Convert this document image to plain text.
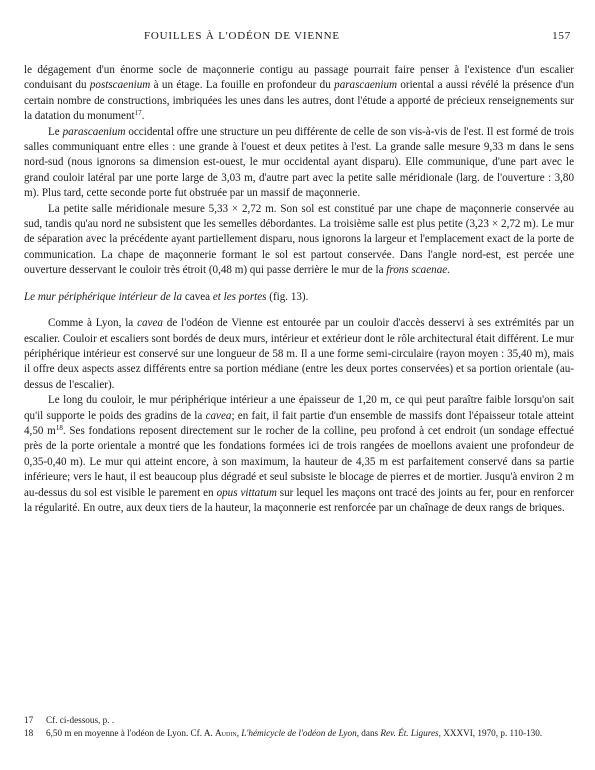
FOUILLES À L'ODÉON DE VIENNE	157

le dégagement d'un énorme socle de maçonnerie contigu au passage pourrait faire penser à l'existence d'un escalier conduisant du postscaenium à un étage. La fouille en profondeur du parascaenium oriental a aussi révélé la présence d'un certain nombre de constructions, imbriquées les unes dans les autres, dont l'étude a apporté de précieux renseignements sur la datation du monument$^{17}$.

Le parascaenium occidental offre une structure un peu différente de celle de son vis-à-vis de l'est. Il est formé de trois salles communiquant entre elles : une grande à l'ouest et deux petites à l'est. La grande salle mesure 9,33 m dans le sens nord-sud (nous ignorons sa dimension est-ouest, le mur occidental ayant disparu). Elle communique, d'une part avec le grand couloir latéral par une porte large de 3,03 m, d'autre part avec la petite salle méridionale (larg. de l'ouverture : 3,80 m). Plus tard, cette seconde porte fut obstruée par un massif de maçonnerie.

La petite salle méridionale mesure 5,33 × 2,72 m. Son sol est constitué par une chape de maçonnerie conservée au sud, tandis qu'au nord ne subsistent que les semelles débordantes. La troisième salle est plus petite (3,23 × 2,72 m). Le mur de séparation avec la précédente ayant partiellement disparu, nous ignorons la largeur et l'emplacement exact de la porte de communication. La chape de maçonnerie formant le sol est partout conservée. Dans l'angle nord-est, est percée une ouverture desservant le couloir très étroit (0,48 m) qui passe derrière le mur de la frons scaenae.

Le mur périphérique intérieur de la cavea et les portes (fig. 13).

Comme à Lyon, la cavea de l'odéon de Vienne est entourée par un couloir d'accès desservi à ses extrémités par un escalier. Couloir et escaliers sont bordés de deux murs, intérieur et extérieur dont le rôle architectural était différent. Le mur périphérique intérieur est conservé sur une longueur de 58 m. Il a une forme semi-circulaire (rayon moyen : 35,40 m), mais il offre deux aspects assez différents entre sa portion médiane (entre les deux portes conservées) et sa portion orientale (au-dessus de l'escalier).

Le long du couloir, le mur périphérique intérieur a une épaisseur de 1,20 m, ce qui peut paraître faible lorsqu'on sait qu'il supporte le poids des gradins de la cavea; en fait, il fait partie d'un ensemble de massifs dont l'épaisseur totale atteint 4,50 $m^{18}$. Ses fondations reposent directement sur le rocher de la colline, peu profond à cet endroit (un sondage effectué près de la porte orientale a montré que les fondations formées ici de trois rangées de moellons avaient une profondeur de 0,35-0,40 m). Le mur qui atteint encore, à son maximum, la hauteur de 4,35 m est parfaitement conservé dans sa partie inférieure; vers le haut, il est beaucoup plus dégradé et seul subsiste le blocage de pierres et de mortier. Jusqu'à environ 2 m au-dessus du sol est visible le parement en opus vittatum sur lequel les maçons ont tracé des joints au fer, pour en renforcer la régularité. En outre, aux deux tiers de la hauteur, la maçonnerie est renforcée par un chaînage de deux rangs de briques.

17 Cf. ci-dessous, p. .
18 6,50 m en moyenne à l'odéon de Lyon. Cf. A. Audin, L'hémicycle de l'odéon de Lyon, dans Rev. Ét. Ligures, XXXVI, 1970, p. 110-130.
